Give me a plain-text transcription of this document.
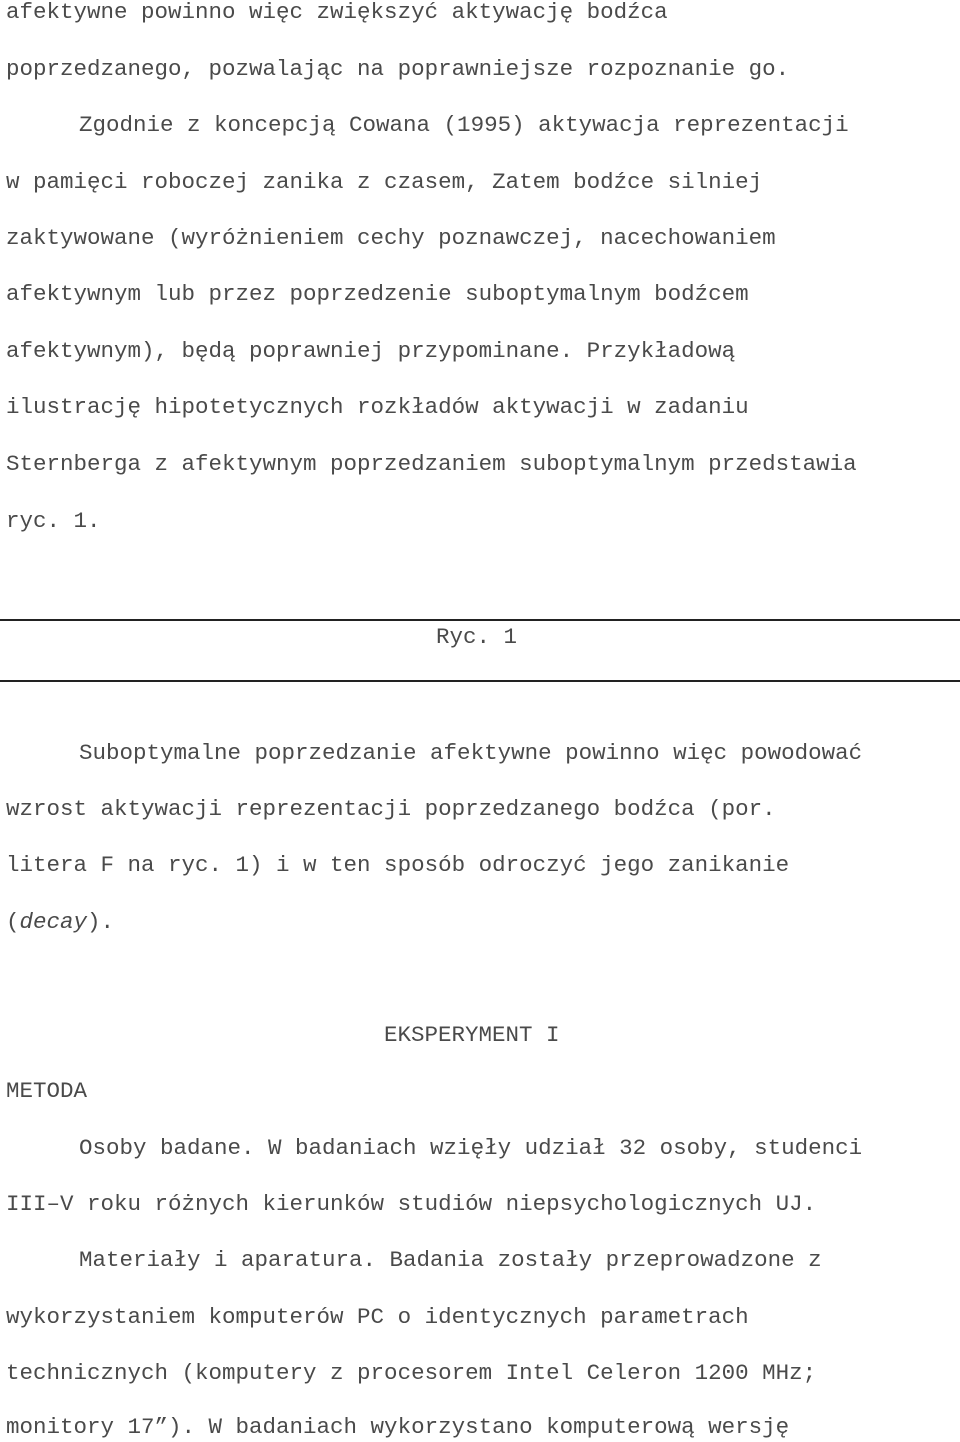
afektywne powinno więc zwiększyć aktywację bodźca
poprzedzanego, pozwalając na poprawniejsze rozpoznanie go.
Zgodnie z koncepcją Cowana (1995) aktywacja reprezentacji
w pamięci roboczej zanika z czasem, Zatem bodźce silniej
zaktywowane (wyróżnieniem cechy poznawczej, nacechowaniem
afektywnym lub przez poprzedzenie suboptymalnym bodźcem
afektywnym), będą poprawniej przypominane. Przykładową
ilustrację hipotetycznych rozkładów aktywacji w zadaniu
Sternberga z afektywnym poprzedzaniem suboptymalnym przedstawia
ryc. 1.
Ryc. 1
Suboptymalne poprzedzanie afektywne powinno więc powodować
wzrost aktywacji reprezentacji poprzedzanego bodźca (por.
litera F na ryc. 1) i w ten sposób odroczyć jego zanikanie
(decay).
EKSPERYMENT I
METODA
Osoby badane. W badaniach wzięły udział 32 osoby, studenci
III–V roku różnych kierunków studiów niepsychologicznych UJ.
Materiały i aparatura. Badania zostały przeprowadzone z
wykorzystaniem komputerów PC o identycznych parametrach
technicznych (komputery z procesorem Intel Celeron 1200 MHz;
monitory 17”). W badaniach wykorzystano komputerową wersję
